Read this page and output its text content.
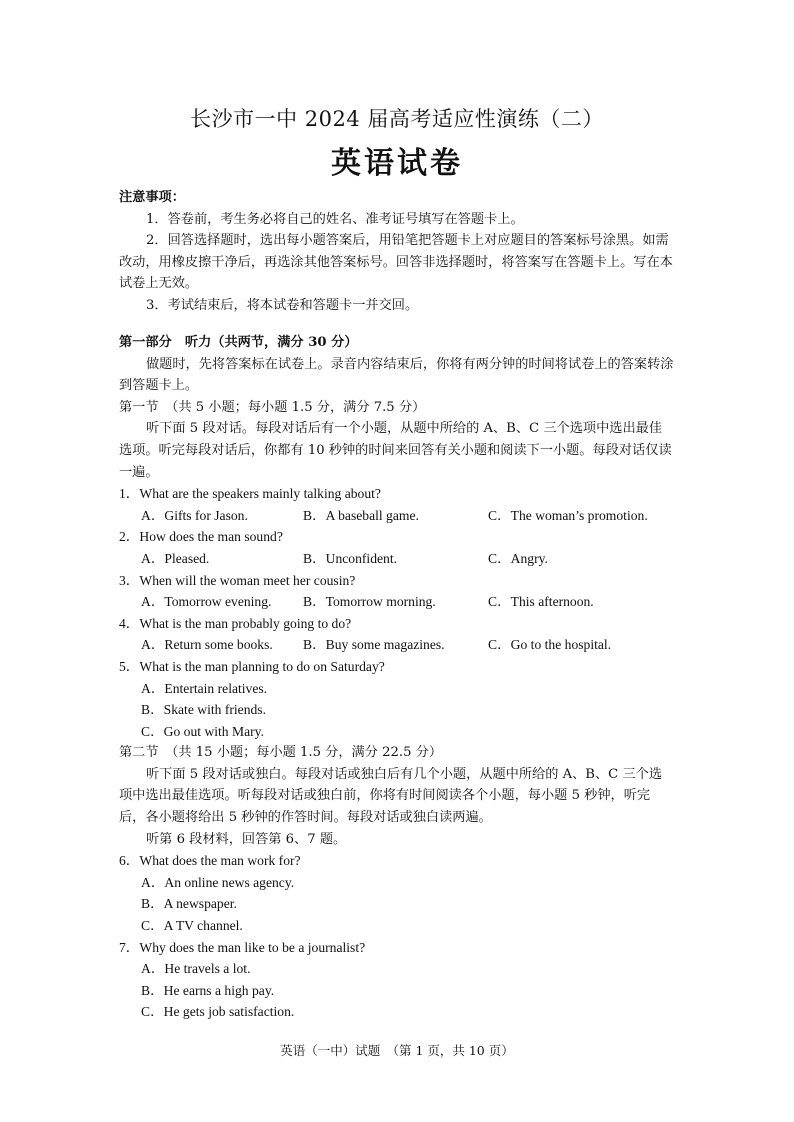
长沙市一中 2024 届高考适应性演练（二）
英语试卷

注意事项：

1．答卷前，考生务必将自己的姓名、准考证号填写在答题卡上。

2．回答选择题时，选出每小题答案后，用铅笔把答题卡上对应题目的答案标号涂黑。如需改动，用橡皮擦干净后，再选涂其他答案标号。回答非选择题时，将答案写在答题卡上。写在本试卷上无效。

3．考试结束后，将本试卷和答题卡一并交回。

第一部分　听力（共两节，满分 30 分）

做题时，先将答案标在试卷上。录音内容结束后，你将有两分钟的时间将试卷上的答案转涂到答题卡上。

第一节　（共 5 小题；每小题 1.5 分，满分 7.5 分）

听下面 5 段对话。每段对话后有一个小题，从题中所给的 A、B、C 三个选项中选出最佳选项。听完每段对话后，你都有 10 秒钟的时间来回答有关小题和阅读下一小题。每段对话仅读一遍。

1．What are the speakers mainly talking about?

A．Gifts for Jason.	B．A baseball game.	C．The woman’s promotion.

2．How does the man sound?

A．Pleased.	B．Unconfident.	C．Angry.

3．When will the woman meet her cousin?

A．Tomorrow evening. B．Tomorrow morning.	C．This afternoon.

4．What is the man probably going to do?

A．Return some books. B．Buy some magazines.	C．Go to the hospital.

5．What is the man planning to do on Saturday?

A．Entertain relatives.

B．Skate with friends.

C．Go out with Mary.

第二节　（共 15 小题；每小题 1.5 分，满分 22.5 分）

听下面 5 段对话或独白。每段对话或独白后有几个小题，从题中所给的 A、B、C 三个选项中选出最佳选项。听每段对话或独白前，你将有时间阅读各个小题，每小题 5 秒钟，听完后，各小题将给出 5 秒钟的作答时间。每段对话或独白读两遍。

听第 6 段材料，回答第 6、7 题。

6．What does the man work for?

A．An online news agency.

B．A newspaper.

C．A TV channel.

7．Why does the man like to be a journalist?

A．He travels a lot.

B．He earns a high pay.

C．He gets job satisfaction.

英语（一中）试题　（第 1 页，共 10 页）
